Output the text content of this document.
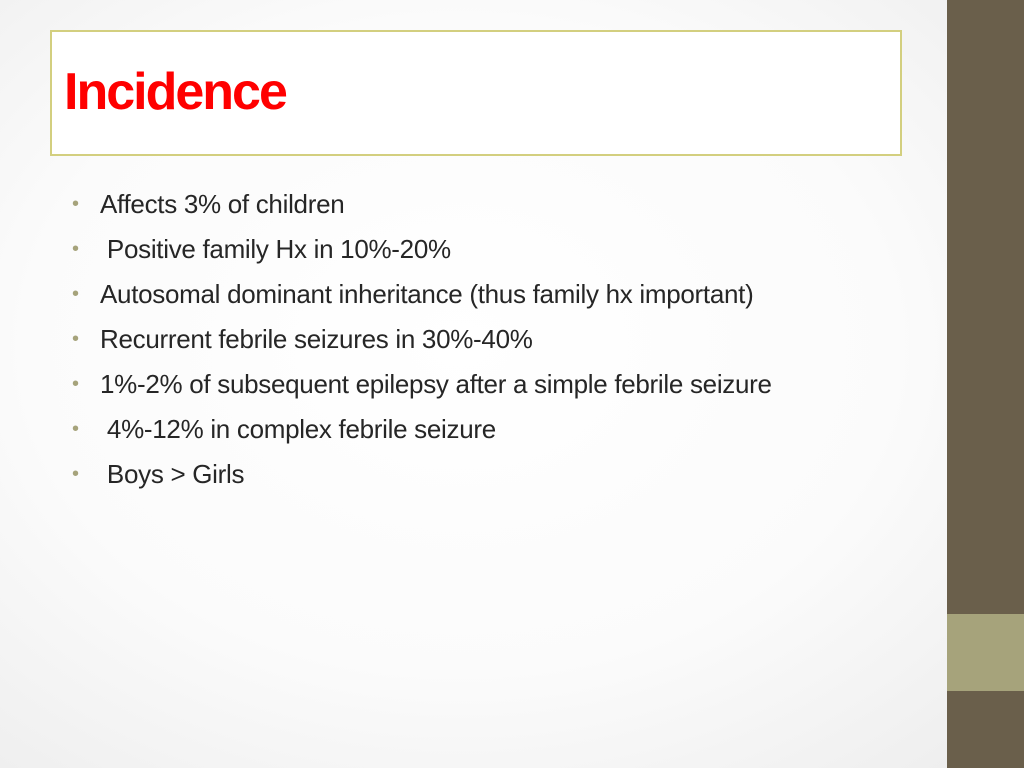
Incidence
• Affects 3% of children
• Positive family Hx in 10%-20%
• Autosomal dominant inheritance (thus family hx important)
• Recurrent febrile seizures in 30%-40%
• 1%-2% of subsequent epilepsy after a simple febrile seizure
• 4%-12% in complex febrile seizure
• Boys > Girls
